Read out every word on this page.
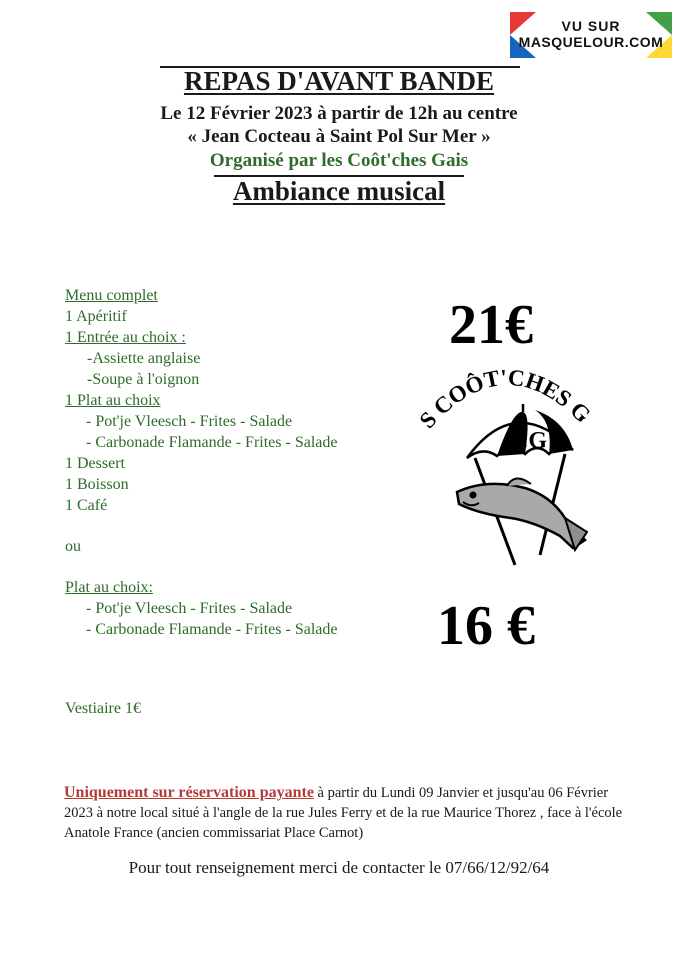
VU SUR
MASQUELOUR.COM
REPAS D'AVANT BANDE
Le 12 Février 2023 à partir de 12h au centre
« Jean Cocteau à Saint Pol Sur Mer »
Organisé par les Coôt'ches Gais
Ambiance musical
Menu complet
1 Apéritif
1 Entrée au choix :
-Assiette anglaise
-Soupe à l'oignon
1 Plat au choix
- Pot'je Vleesch - Frites - Salade
- Carbonade Flamande - Frites - Salade
1 Dessert
1 Boisson
1 Café
ou
Plat au choix:
- Pot'je Vleesch - Frites - Salade
- Carbonade Flamande - Frites - Salade
Vestiaire 1€
21€
16 €
S COÔT'CHES G
CG
Uniquement sur réservation payante à partir du Lundi 09 Janvier et jusqu'au 06 Février 2023 à notre local situé à l'angle de la rue Jules Ferry et de la rue Maurice Thorez , face à l'école Anatole France (ancien commissariat Place Carnot)
Pour tout renseignement merci de contacter le 07/66/12/92/64
